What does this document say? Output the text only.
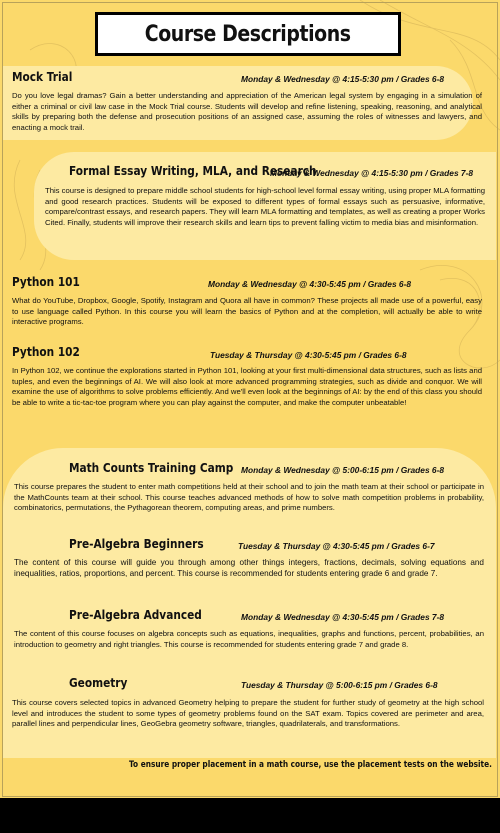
Course Descriptions
Mock Trial	Monday & Wednesday @ 4:15-5:30 pm / Grades 6-8
Do you love legal dramas? Gain a better understanding and appreciation of the American legal system by engaging in a simulation of either a criminal or civil law case in the Mock Trial course. Students will develop and refine listening, speaking, reasoning, and analytical skills by preparing both the defense and prosecution positions of an assigned case, assuming the roles of witnesses and lawyers, and enacting a mock trail.
Formal Essay Writing, MLA, and Research
Monday & Wednesday @ 4:15-5:30 pm / Grades 7-8
This course is designed to prepare middle school students for high-school level formal essay writing, using proper MLA formatting and good research practices. Students will be exposed to different types of formal essays such as persuasive, informative, compare/contrast essays, and research papers. They will learn MLA formatting and templates, as well as creating a proper Works Cited. Finally, students will improve their research skills and learn tips to prevent falling victim to media bias and misinformation.
Python 101	Monday & Wednesday @ 4:30-5:45 pm / Grades 6-8
What do YouTube, Dropbox, Google, Spotify, Instagram and Quora all have in common? These projects all made use of a powerful, easy to use language called Python. In this course you will learn the basics of Python and at the completion, will actually be able to write interactive programs.
Python 102	Tuesday & Thursday @ 4:30-5:45 pm / Grades 6-8
In Python 102, we continue the explorations started in Python 101, looking at your first multi-dimensional data structures, such as lists and tuples, and even the beginnings of AI. We will also look at more advanced programming strategies, such as divide and conquor. We will examine the use of algorithms to solve problems efficiently. And we'll even look at the beginnings of AI: by the end of this class you should be able to write a tic-tac-toe program where you can play against the computer, and make the computer unbeatable!
Math Counts Training Camp Monday & Wednesday @ 5:00-6:15 pm / Grades 6-8
This course prepares the student to enter math competitions held at their school and to join the math team at their school or participate in the MathCounts team at their school. This course teaches advanced methods of how to solve math competition problems in probability, combinatorics, permutations, the Pythagorean theorem, computing areas, and prime numbers.
Pre-Algebra Beginners	Tuesday & Thursday @ 4:30-5:45 pm / Grades 6-7
The content of this course will guide you through among other things integers, fractions, decimals, solving equations and inequalities, ratios, proportions, and percent. This course is recommended for students entering grade 6 and grade 7.
Pre-Algebra Advanced	Monday & Wednesday @ 4:30-5:45 pm / Grades 7-8
The content of this course focuses on algebra concepts such as equations, inequalities, graphs and functions, percent, probabilities, an introduction to geometry and right triangles. This course is recommended for students entering grade 7 and grade 8.
Geometry	Tuesday & Thursday @ 5:00-6:15 pm / Grades 6-8
This course covers selected topics in advanced Geometry helping to prepare the student for further study of geometry at the high school level and introduces the student to some types of geometry problems found on the SAT exam. Topics covered are perimeter and area, parallel lines and perpendicular lines, GeoGebra geometry software, triangles, quadrilaterals, and transformations.
To ensure proper placement in a math course, use the placement tests on the website.
